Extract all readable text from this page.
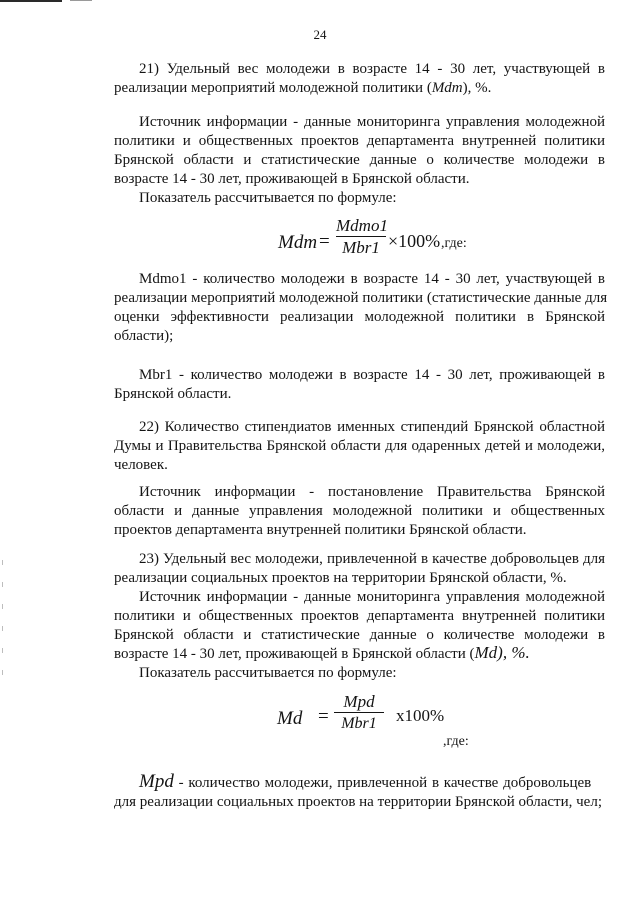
24
21) Удельный вес молодежи в возрасте 14 - 30 лет, участвующей в
реализации мероприятий молодежной политики (Mdm), %.
Источник информации - данные мониторинга управления молодежной
политики и общественных проектов департамента внутренней политики
Брянской области и статистические данные о количестве молодежи в
возрасте 14 - 30 лет, проживающей в Брянской области.
Показатель рассчитывается по формуле:
Mdm =
Mdmo1
Mbr1 ×100% ,где:
Mdmo1 - количество молодежи в возрасте 14 - 30 лет, участвующей в
реализации мероприятий молодежной политики (статистические данные для
оценки эффективности реализации молодежной политики в Брянской
области);
Mbr1 - количество молодежи в возрасте 14 - 30 лет, проживающей в
Брянской области.
22) Количество стипендиатов именных стипендий Брянской областной
Думы и Правительства Брянской области для одаренных детей и молодежи,
человек.
Источник информации - постановление Правительства Брянской
области и данные управления молодежной политики и общественных
проектов департамента внутренней политики Брянской области.
23) Удельный вес молодежи, привлеченной в качестве добровольцев для
реализации социальных проектов на территории Брянской области, %.
Источник информации - данные мониторинга управления молодежной
политики и общественных проектов департамента внутренней политики
Брянской области и статистические данные о количестве молодежи в
возрасте 14 - 30 лет, проживающей в Брянской области (Md), %.
Показатель рассчитывается по формуле:
Md =
Mpd
Mbr1	x100%
,где:
Mpd - количество молодежи, привлеченной в качестве добровольцев
для реализации социальных проектов на территории Брянской области, чел;
